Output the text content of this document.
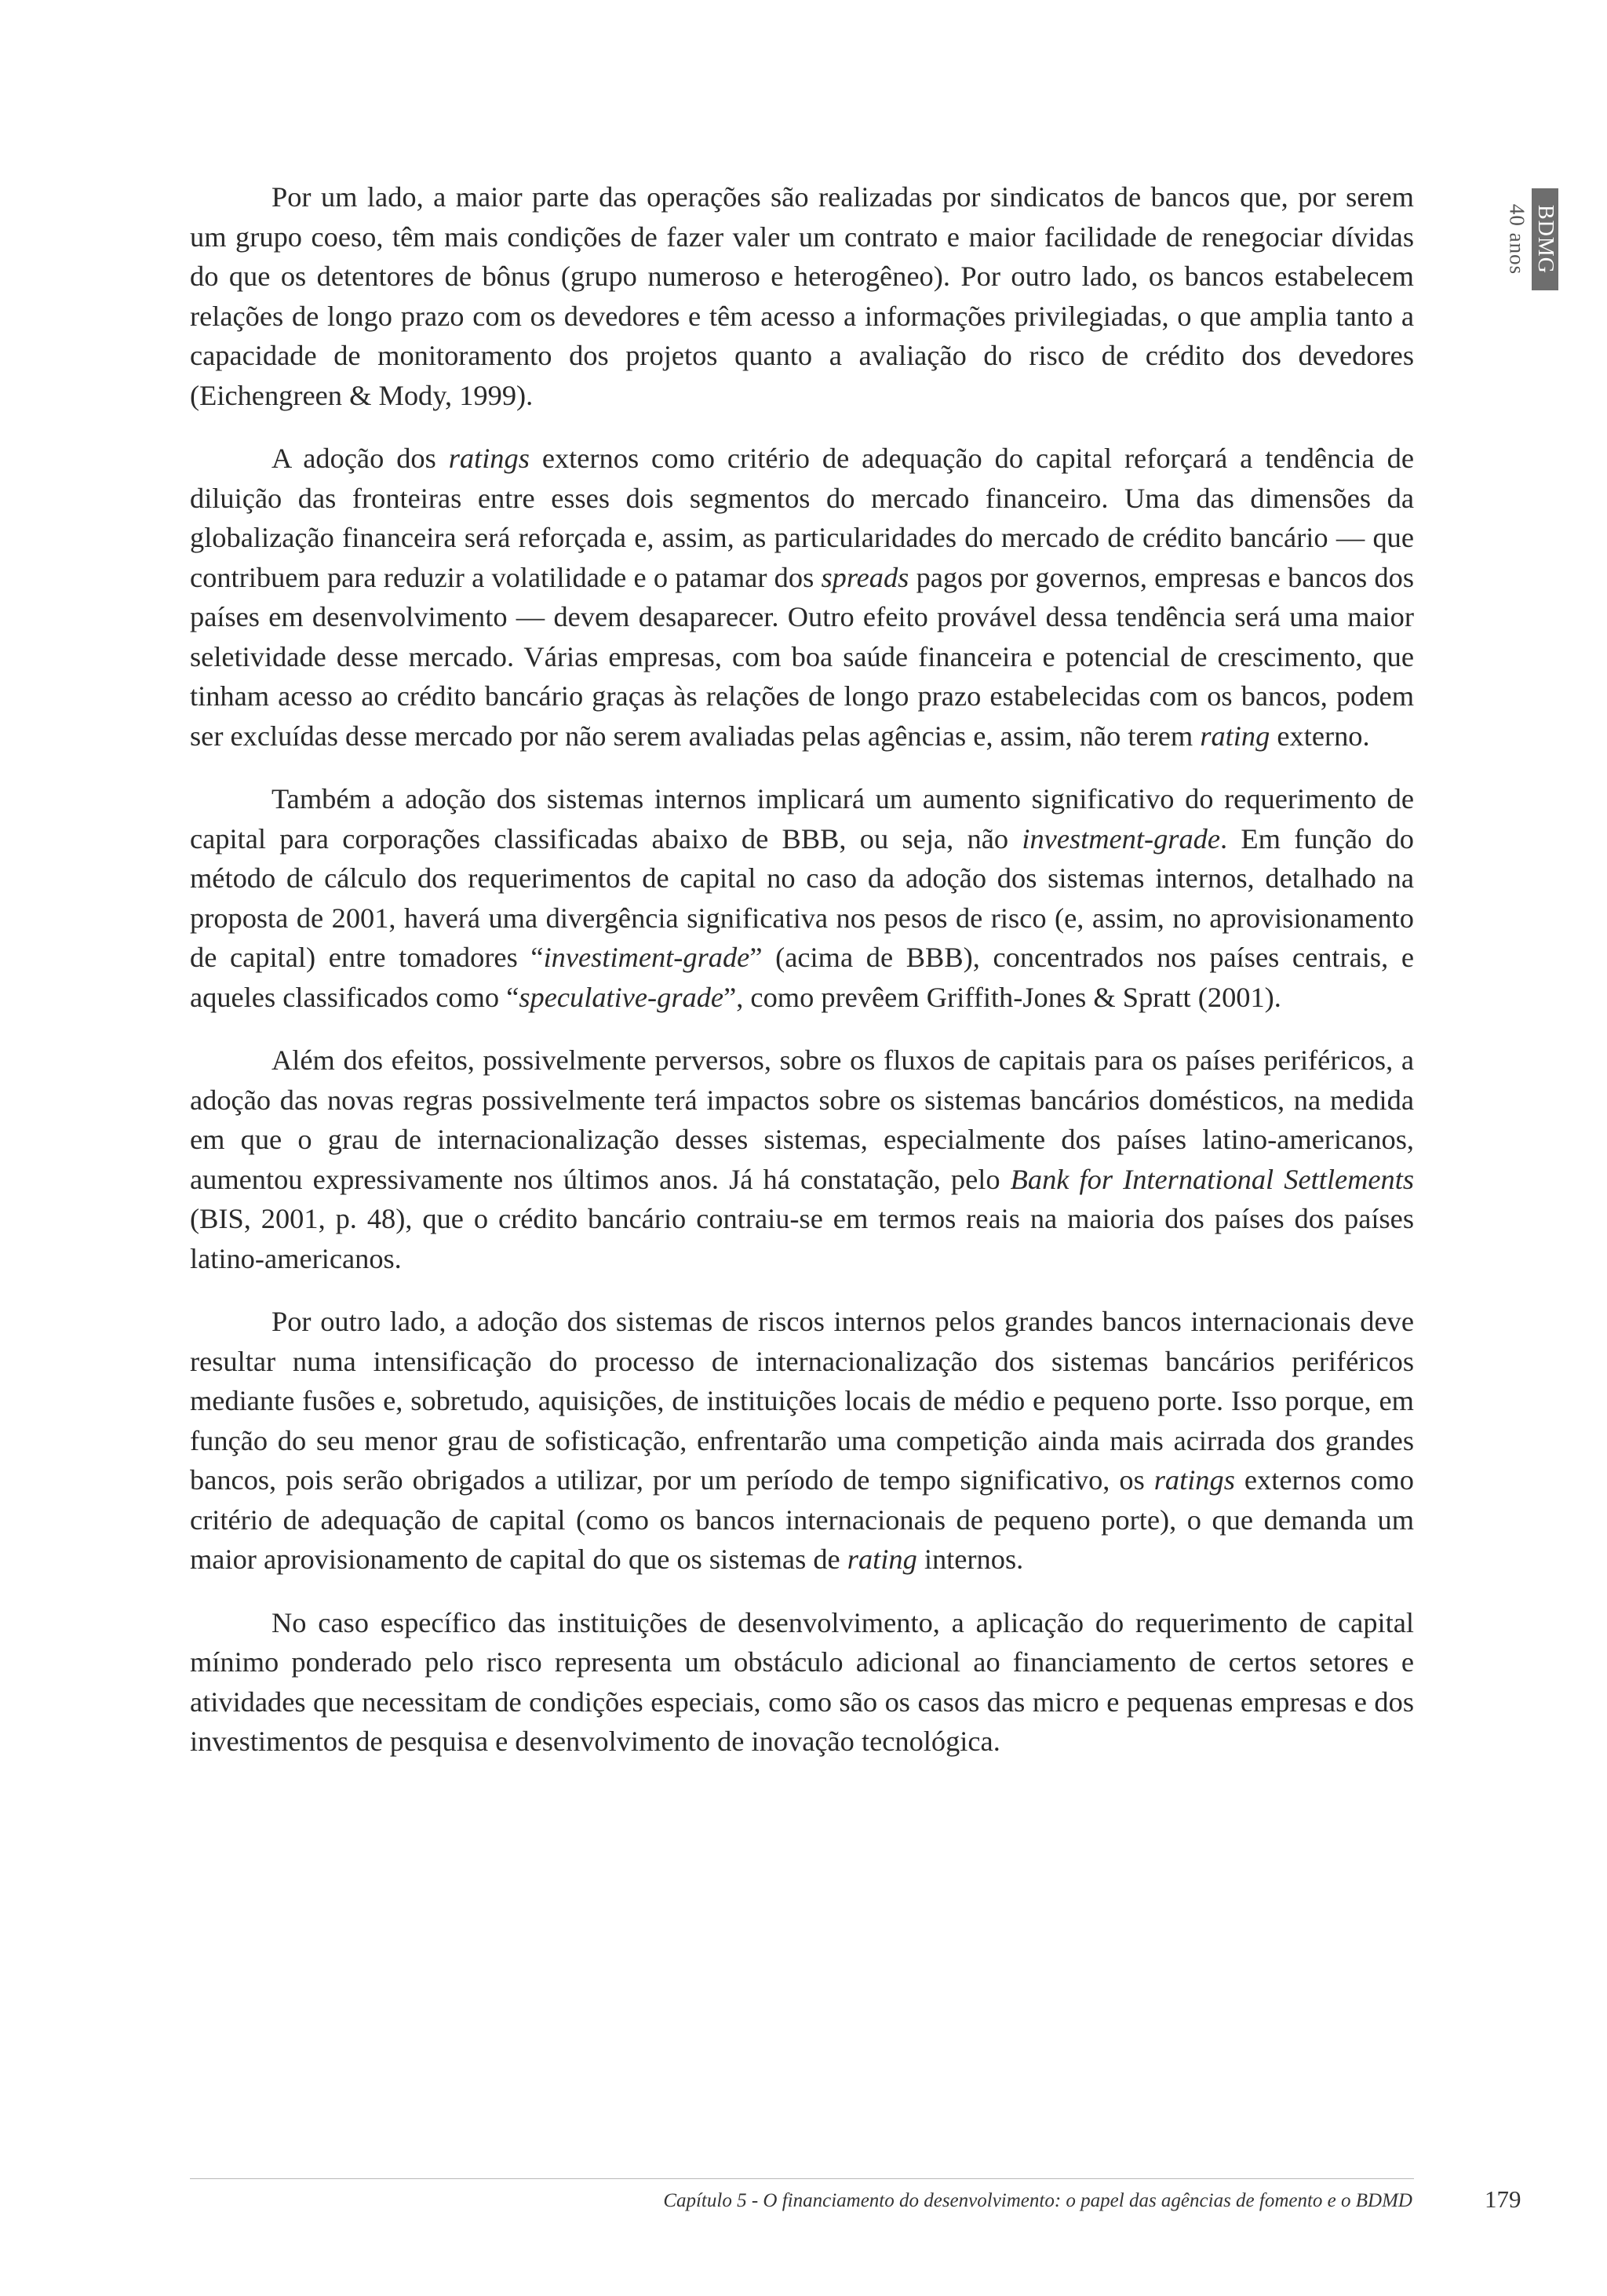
BDMG
40 anos

Por um lado, a maior parte das operações são realizadas por sindicatos de bancos que, por serem um grupo coeso, têm mais condições de fazer valer um contrato e maior facilidade de renegociar dívidas do que os detentores de bônus (grupo numeroso e heterogêneo). Por outro lado, os bancos estabelecem relações de longo prazo com os devedores e têm acesso a informações privilegiadas, o que amplia tanto a capacidade de monitoramento dos projetos quanto a avaliação do risco de crédito dos devedores (Eichengreen & Mody, 1999).

A adoção dos ratings externos como critério de adequação do capital reforçará a tendência de diluição das fronteiras entre esses dois segmentos do mercado financeiro. Uma das dimensões da globalização financeira será reforçada e, assim, as particularidades do mercado de crédito bancário — que contribuem para reduzir a volatilidade e o patamar dos spreads pagos por governos, empresas e bancos dos países em desenvolvimento — devem desaparecer. Outro efeito provável dessa tendência será uma maior seletividade desse mercado. Várias empresas, com boa saúde financeira e potencial de crescimento, que tinham acesso ao crédito bancário graças às relações de longo prazo estabelecidas com os bancos, podem ser excluídas desse mercado por não serem avaliadas pelas agências e, assim, não terem rating externo.

Também a adoção dos sistemas internos implicará um aumento significativo do requerimento de capital para corporações classificadas abaixo de BBB, ou seja, não investment-grade. Em função do método de cálculo dos requerimentos de capital no caso da adoção dos sistemas internos, detalhado na proposta de 2001, haverá uma divergência significativa nos pesos de risco (e, assim, no aprovisionamento de capital) entre tomadores “investiment-grade” (acima de BBB), concentrados nos países centrais, e aqueles classificados como “speculative-grade”, como prevêem Griffith-Jones & Spratt (2001).

Além dos efeitos, possivelmente perversos, sobre os fluxos de capitais para os países periféricos, a adoção das novas regras possivelmente terá impactos sobre os sistemas bancários domésticos, na medida em que o grau de internacionalização desses sistemas, especialmente dos países latino-americanos, aumentou expressivamente nos últimos anos. Já há constatação, pelo Bank for International Settlements (BIS, 2001, p. 48), que o crédito bancário contraiu-se em termos reais na maioria dos países dos países latino-americanos.

Por outro lado, a adoção dos sistemas de riscos internos pelos grandes bancos internacionais deve resultar numa intensificação do processo de internacionalização dos sistemas bancários periféricos mediante fusões e, sobretudo, aquisições, de instituições locais de médio e pequeno porte. Isso porque, em função do seu menor grau de sofisticação, enfrentarão uma competição ainda mais acirrada dos grandes bancos, pois serão obrigados a utilizar, por um período de tempo significativo, os ratings externos como critério de adequação de capital (como os bancos internacionais de pequeno porte), o que demanda um maior aprovisionamento de capital do que os sistemas de rating internos.

No caso específico das instituições de desenvolvimento, a aplicação do requerimento de capital mínimo ponderado pelo risco representa um obstáculo adicional ao financiamento de certos setores e atividades que necessitam de condições especiais, como são os casos das micro e pequenas empresas e dos investimentos de pesquisa e desenvolvimento de inovação tecnológica.

Capítulo 5 - O financiamento do desenvolvimento: o papel das agências de fomento e o BDMD	179
